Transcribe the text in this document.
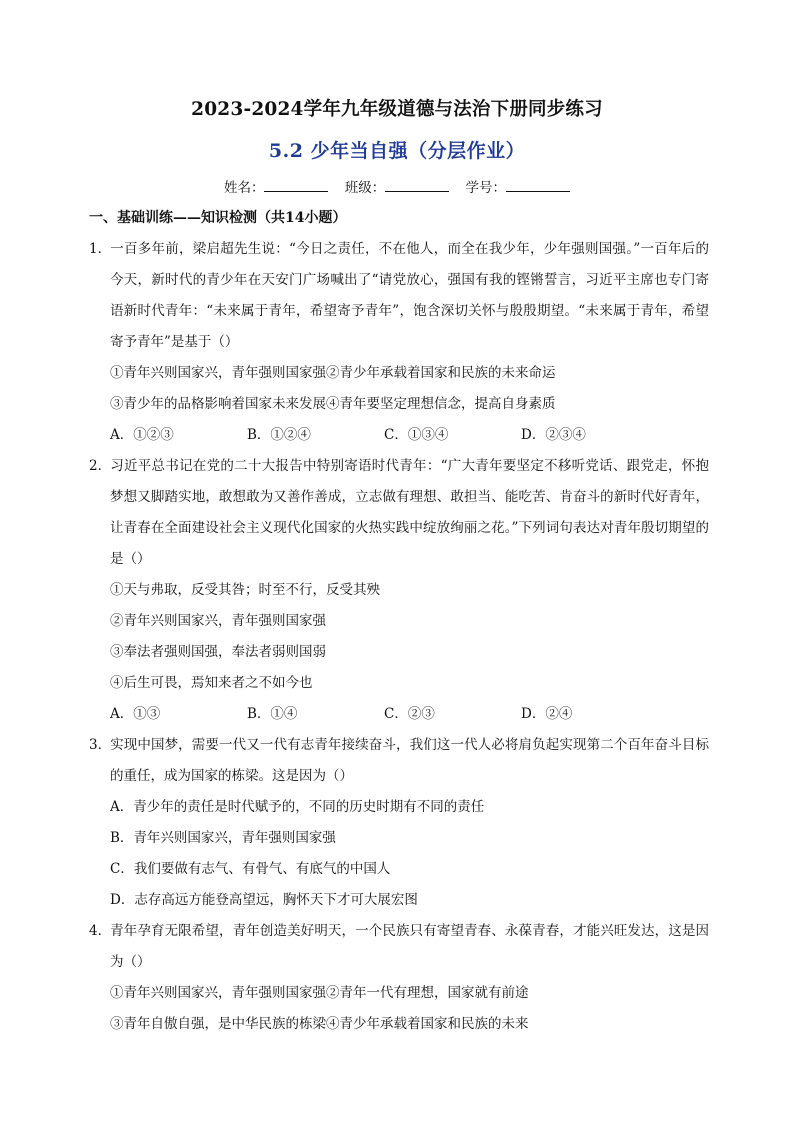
2023-2024学年九年级道德与法治下册同步练习
5.2 少年当自强（分层作业）
姓名：	班级：	学号：
一、基础训练——知识检测（共14小题）

1．一百多年前，梁启超先生说：“今日之责任，不在他人，而全在我少年，少年强则国强。”一百年后的今天，新时代的青少年在天安门广场喊出了“请党放心，强国有我的铿锵誓言，习近平主席也专门寄语新时代青年：“未来属于青年，希望寄予青年”，饱含深切关怀与殷殷期望。“未来属于青年，希望寄予青年”是基于（）

①青年兴则国家兴，青年强则国家强②青少年承载着国家和民族的未来命运

③青少年的品格影响着国家未来发展④青年要坚定理想信念，提高自身素质

A．①②③	B．①②④	C．①③④	D．②③④

2．习近平总书记在党的二十大报告中特别寄语时代青年：“广大青年要坚定不移听党话、跟党走，怀抱梦想又脚踏实地，敢想敢为又善作善成，立志做有理想、敢担当、能吃苦、肯奋斗的新时代好青年，让青春在全面建设社会主义现代化国家的火热实践中绽放绚丽之花。”下列词句表达对青年殷切期望的是（）

①天与弗取，反受其咎；时至不行，反受其殃

②青年兴则国家兴，青年强则国家强

③奉法者强则国强，奉法者弱则国弱

④后生可畏，焉知来者之不如今也

A．①③	B．①④	C．②③	D．②④

3．实现中国梦，需要一代又一代有志青年接续奋斗，我们这一代人必将肩负起实现第二个百年奋斗目标的重任，成为国家的栋梁。这是因为（）

A．青少年的责任是时代赋予的，不同的历史时期有不同的责任

B．青年兴则国家兴，青年强则国家强

C．我们要做有志气、有骨气、有底气的中国人

D．志存高远方能登高望远，胸怀天下才可大展宏图

4．青年孕育无限希望，青年创造美好明天，一个民族只有寄望青春、永葆青春，才能兴旺发达，这是因为（）

①青年兴则国家兴，青年强则国家强②青年一代有理想，国家就有前途

③青年自傲自强，是中华民族的栋梁④青少年承载着国家和民族的未来
